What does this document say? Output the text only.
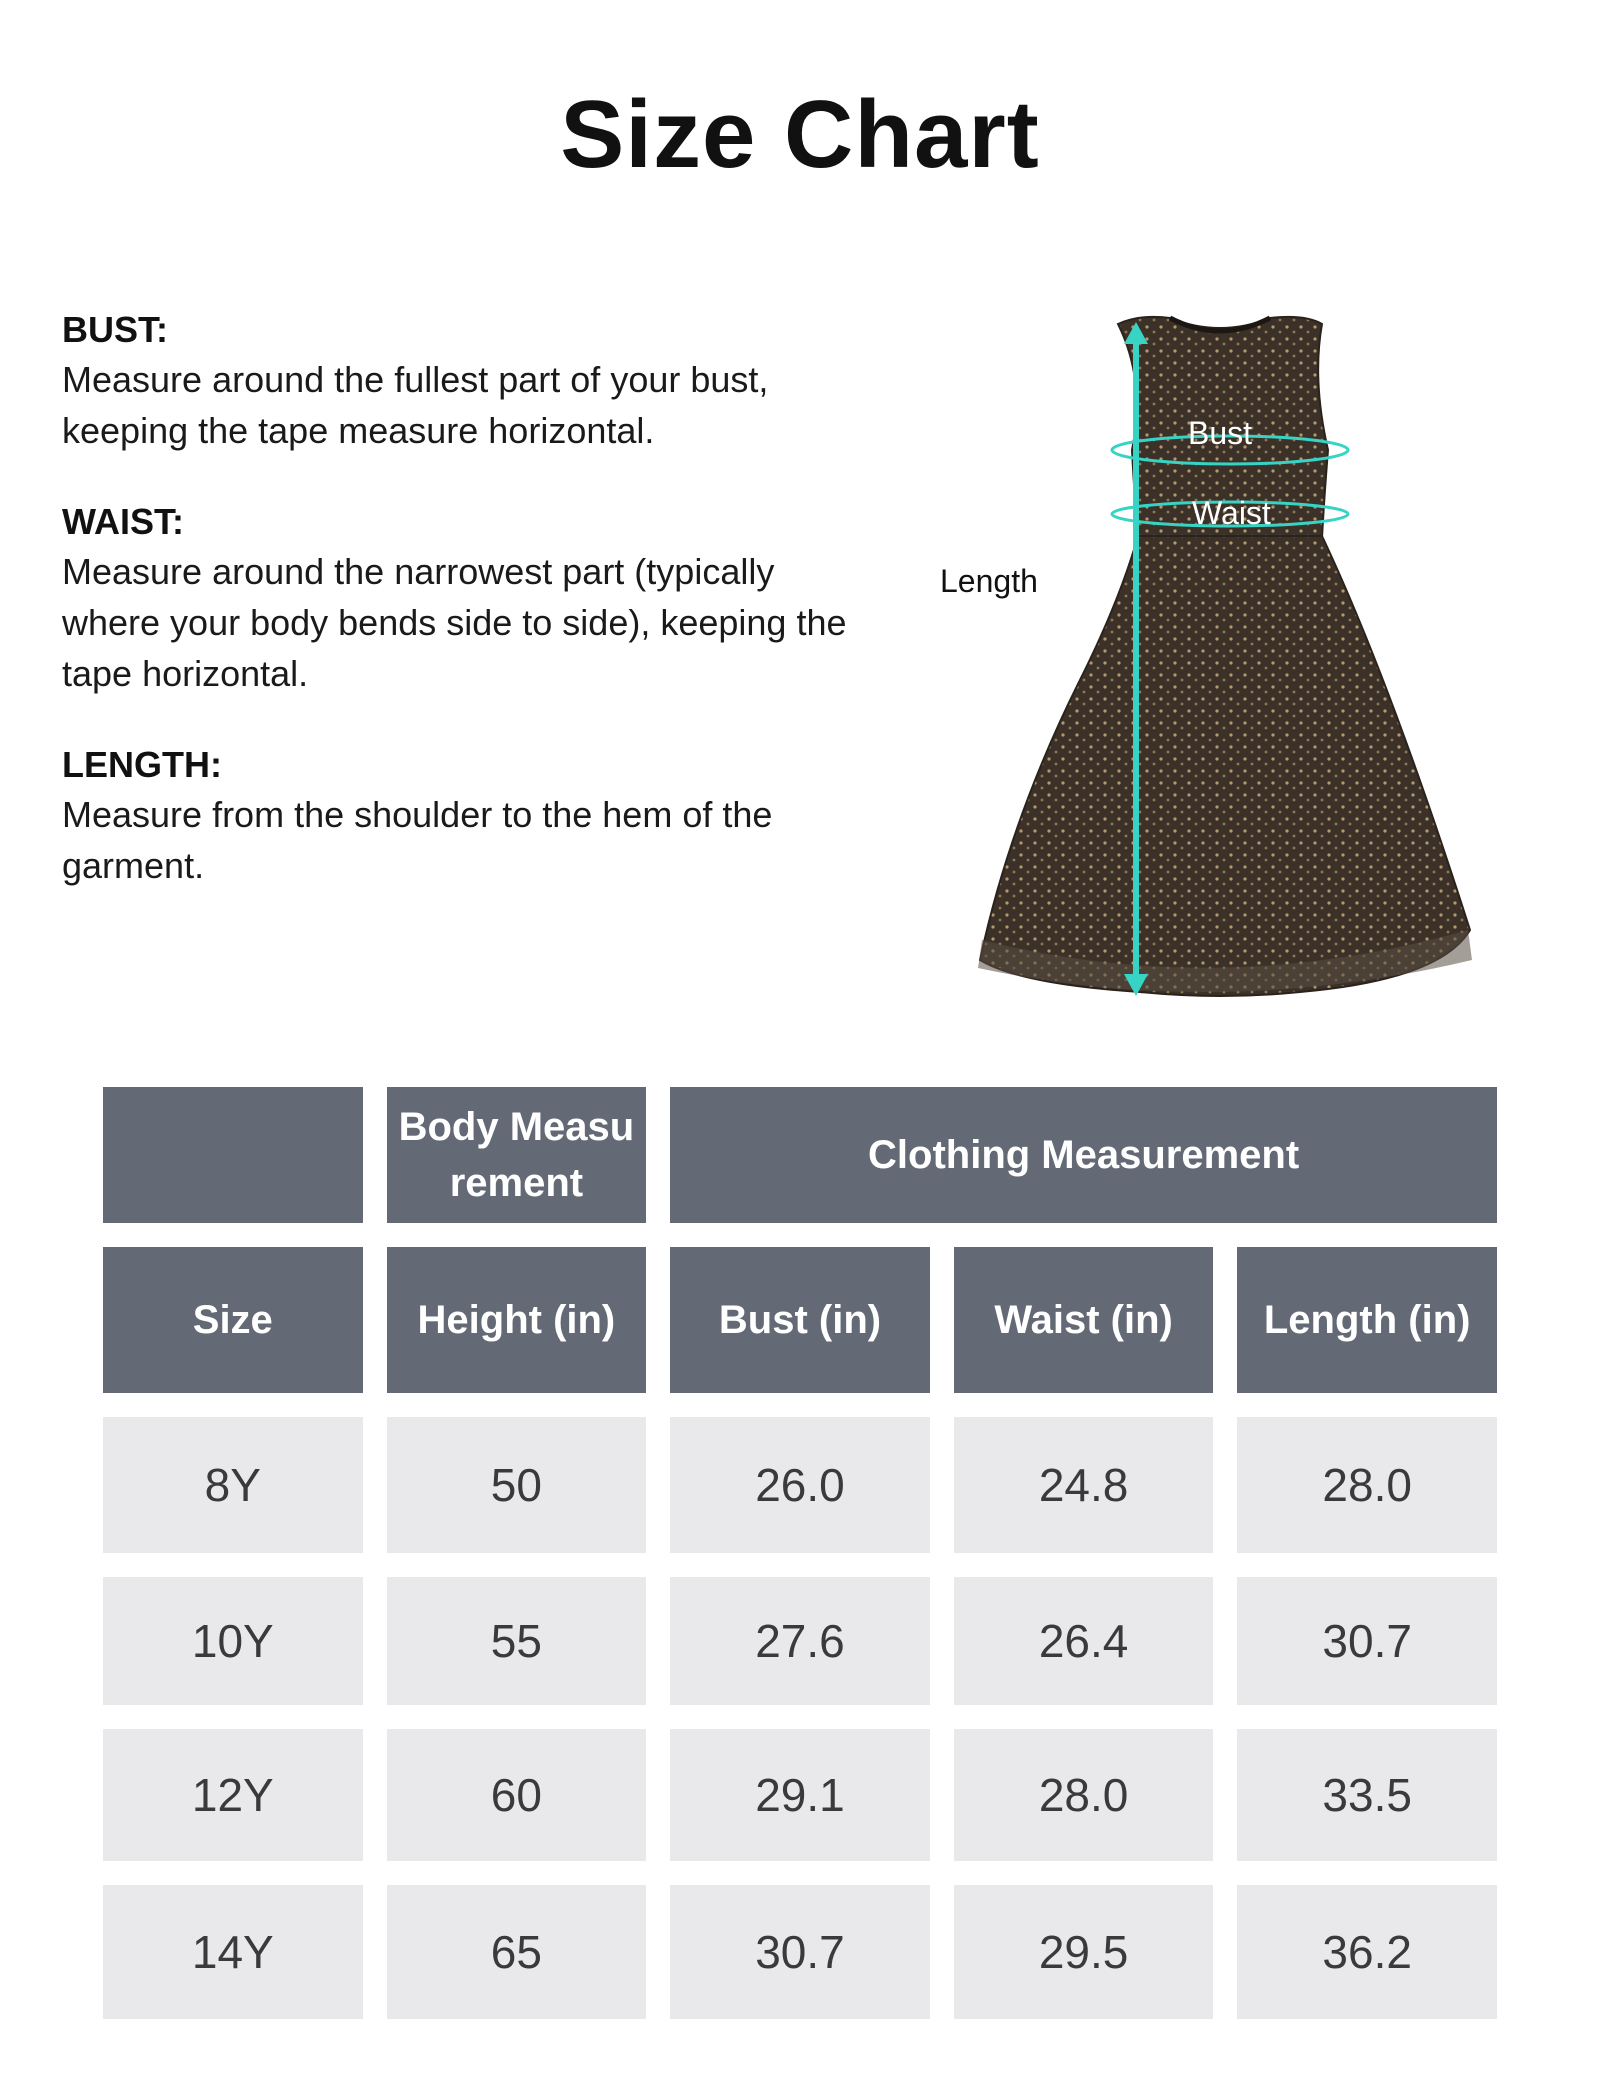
Size Chart
BUST:
Measure around the fullest part of your bust, keeping the tape measure horizontal.
WAIST:
Measure around the narrowest part (typically where your body bends side to side), keeping the tape horizontal.
LENGTH:
Measure from the shoulder to the hem of the garment.
Bust
Waist
Length
Body Measurement
Clothing Measurement
Size	Height (in)	Bust (in)	Waist (in)	Length (in)
8Y	50	26.0	24.8	28.0
10Y	55	27.6	26.4	30.7
12Y	60	29.1	28.0	33.5
14Y	65	30.7	29.5	36.2
